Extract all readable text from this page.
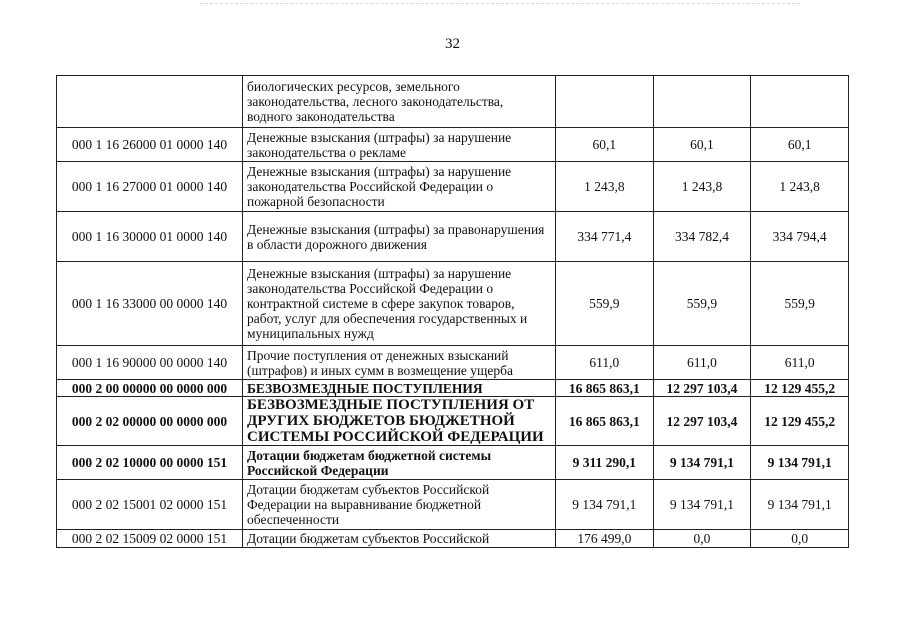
32
	биологических ресурсов, земельного законодательства, лесного законодательства, водного законодательства			
000 1 16 26000 01 0000 140	Денежные взыскания (штрафы) за нарушение законодательства о рекламе	60,1	60,1	60,1
000 1 16 27000 01 0000 140	Денежные взыскания (штрафы) за нарушение законодательства Российской Федерации о пожарной безопасности	1 243,8	1 243,8	1 243,8
000 1 16 30000 01 0000 140	Денежные взыскания (штрафы) за правонарушения в области дорожного движения	334 771,4	334 782,4	334 794,4
000 1 16 33000 00 0000 140	Денежные взыскания (штрафы) за нарушение законодательства Российской Федерации о контрактной системе в сфере закупок товаров, работ, услуг для обеспечения государственных и муниципальных нужд	559,9	559,9	559,9
000 1 16 90000 00 0000 140	Прочие поступления от денежных взысканий (штрафов) и иных сумм в возмещение ущерба	611,0	611,0	611,0
000 2 00 00000 00 0000 000	БЕЗВОЗМЕЗДНЫЕ ПОСТУПЛЕНИЯ	16 865 863,1	12 297 103,4	12 129 455,2
000 2 02 00000 00 0000 000	БЕЗВОЗМЕЗДНЫЕ ПОСТУПЛЕНИЯ ОТ ДРУГИХ БЮДЖЕТОВ БЮДЖЕТНОЙ СИСТЕМЫ РОССИЙСКОЙ ФЕДЕРАЦИИ	16 865 863,1	12 297 103,4	12 129 455,2
000 2 02 10000 00 0000 151	Дотации бюджетам бюджетной системы Российской Федерации	9 311 290,1	9 134 791,1	9 134 791,1
000 2 02 15001 02 0000 151	Дотации бюджетам субъектов Российской Федерации на выравнивание бюджетной обеспеченности	9 134 791,1	9 134 791,1	9 134 791,1
000 2 02 15009 02 0000 151	Дотации бюджетам субъектов Российской	176 499,0	0,0	0,0
